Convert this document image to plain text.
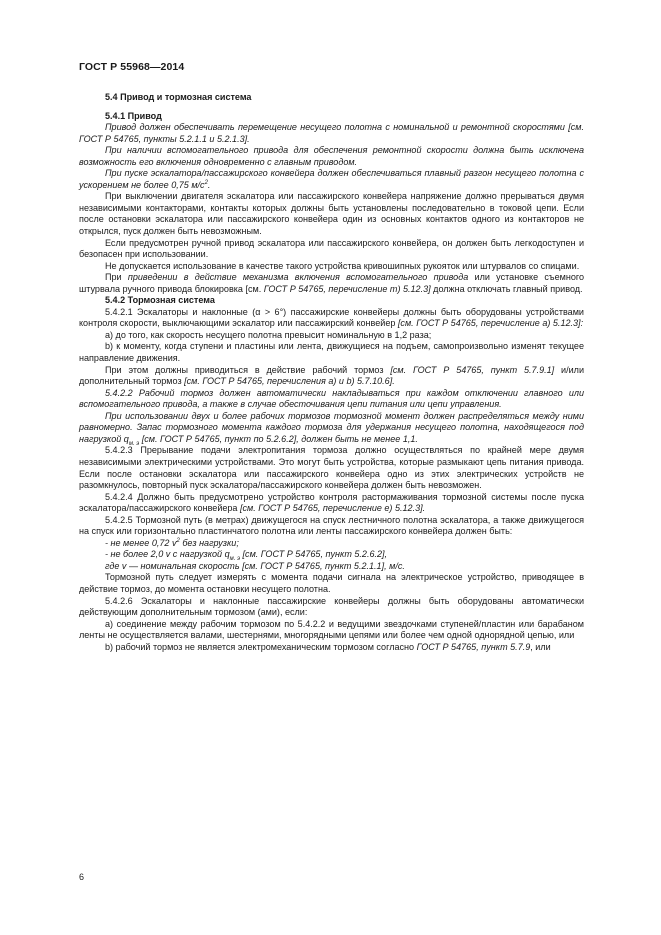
ГОСТ Р 55968—2014

5.4 Привод и тормозная система

5.4.1 Привод

Привод должен обеспечивать перемещение несущего полотна с номинальной и ремонтной скоростями [см. ГОСТ Р 54765, пункты 5.2.1.1 и 5.2.1.3].

При наличии вспомогательного привода для обеспечения ремонтной скорости должна быть исключена возможность его включения одновременно с главным приводом.

При пуске эскалатора/пассажирского конвейера должен обеспечиваться плавный разгон несущего полотна с ускорением не более 0,75 $м/с^2$.

При выключении двигателя эскалатора или пассажирского конвейера напряжение должно прерываться двумя независимыми контакторами, контакты которых должны быть установлены последовательно в токовой цепи. Если после остановки эскалатора или пассажирского конвейера один из основных контактов одного из контакторов не открылся, пуск должен быть невозможным.

Если предусмотрен ручной привод эскалатора или пассажирского конвейера, он должен быть легкодоступен и безопасен при использовании.

Не допускается использование в качестве такого устройства кривошипных рукояток или штурвалов со спицами.

При приведении в действие механизма включения вспомогательного привода или установке съемного штурвала ручного привода блокировка [см. ГОСТ Р 54765, перечисление m) 5.12.3] должна отключать главный привод.

5.4.2 Тормозная система

5.4.2.1 Эскалаторы и наклонные (α > 6°) пассажирские конвейеры должны быть оборудованы устройствами контроля скорости, выключающими эскалатор или пассажирский конвейер [см. ГОСТ Р 54765, перечисление а) 5.12.3]:

а) до того, как скорость несущего полотна превысит номинальную в 1,2 раза;

b) к моменту, когда ступени и пластины или лента, движущиеся на подъем, самопроизвольно изменят текущее направление движения.

При этом должны приводиться в действие рабочий тормоз [см. ГОСТ Р 54765, пункт 5.7.9.1] и/или дополнительный тормоз [см. ГОСТ Р 54765, перечисления а) и b) 5.7.10.6].

5.4.2.2 Рабочий тормоз должен автоматически накладываться при каждом отключении главного или вспомогательного привода, а также в случае обесточивания цепи питания или цепи управления.

При использовании двух и более рабочих тормозов тормозной момент должен распределяться между ними равномерно. Запас тормозного момента каждого тормоза для удержания несущего полотна, находящегося под нагрузкой $q_{м. э}$ [см. ГОСТ Р 54765, пункт по 5.2.6.2], должен быть не менее 1,1.

5.4.2.3 Прерывание подачи электропитания тормоза должно осуществляться по крайней мере двумя независимыми электрическими устройствами. Это могут быть устройства, которые размыкают цепь питания привода. Если после остановки эскалатора или пассажирского конвейера одно из этих электрических устройств не разомкнулось, повторный пуск эскалатора/пассажирского конвейера должен быть невозможен.

5.4.2.4 Должно быть предусмотрено устройство контроля растормаживания тормозной системы после пуска эскалатора/пассажирского конвейера [см. ГОСТ Р 54765, перечисление е) 5.12.3].

5.4.2.5 Тормозной путь (в метрах) движущегося на спуск лестничного полотна эскалатора, а также движущегося на спуск или горизонтально пластинчатого полотна или ленты пассажирского конвейера должен быть:

- не менее 0,72 $v^2$ без нагрузки;

- не более 2,0 v с нагрузкой $q_{м. э}$ [см. ГОСТ Р 54765, пункт 5.2.6.2],

где v — номинальная скорость [см. ГОСТ Р 54765, пункт 5.2.1.1], м/с.

Тормозной путь следует измерять с момента подачи сигнала на электрическое устройство, приводящее в действие тормоз, до момента остановки несущего полотна.

5.4.2.6 Эскалаторы и наклонные пассажирские конвейеры должны быть оборудованы автоматически действующим дополнительным тормозом (ами), если:

а) соединение между рабочим тормозом по 5.4.2.2 и ведущими звездочками ступеней/пластин или барабаном ленты не осуществляется валами, шестернями, многорядными цепями или более чем одной однорядной цепью, или

b) рабочий тормоз не является электромеханическим тормозом согласно ГОСТ Р 54765, пункт 5.7.9, или

6
